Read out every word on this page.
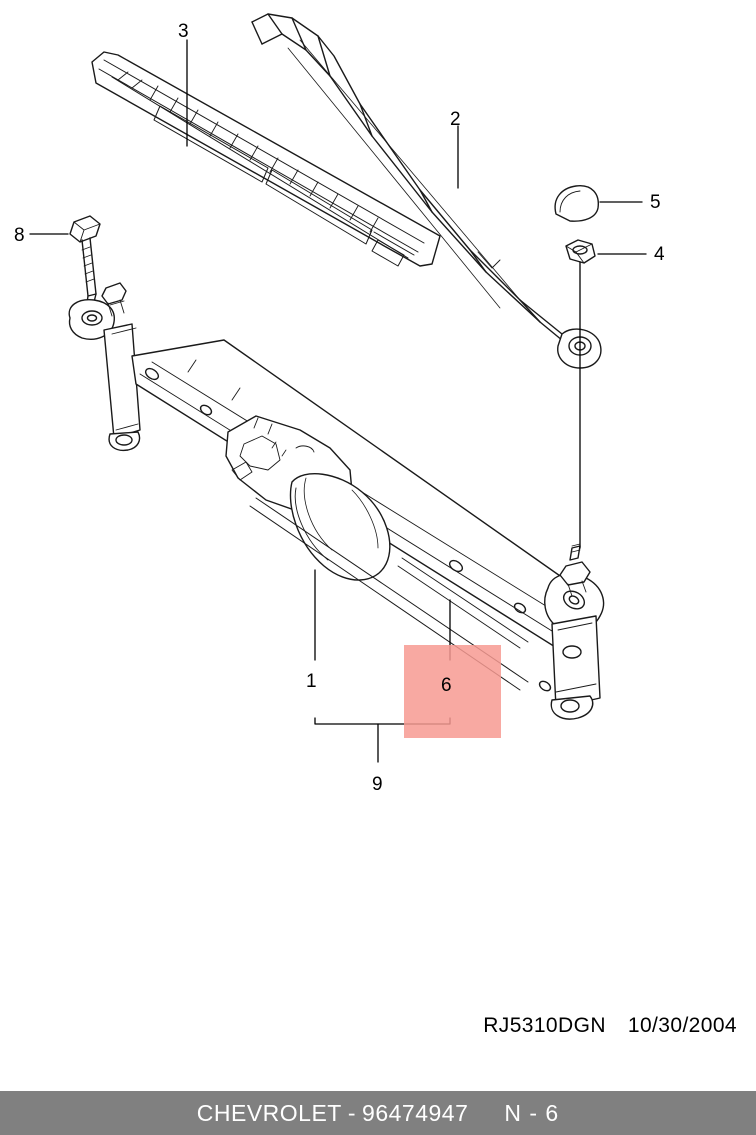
3
2
5
4
8
1	6
9
RJ5310DGN 10/30/2004
CHEVROLET - 96474947 N - 6
